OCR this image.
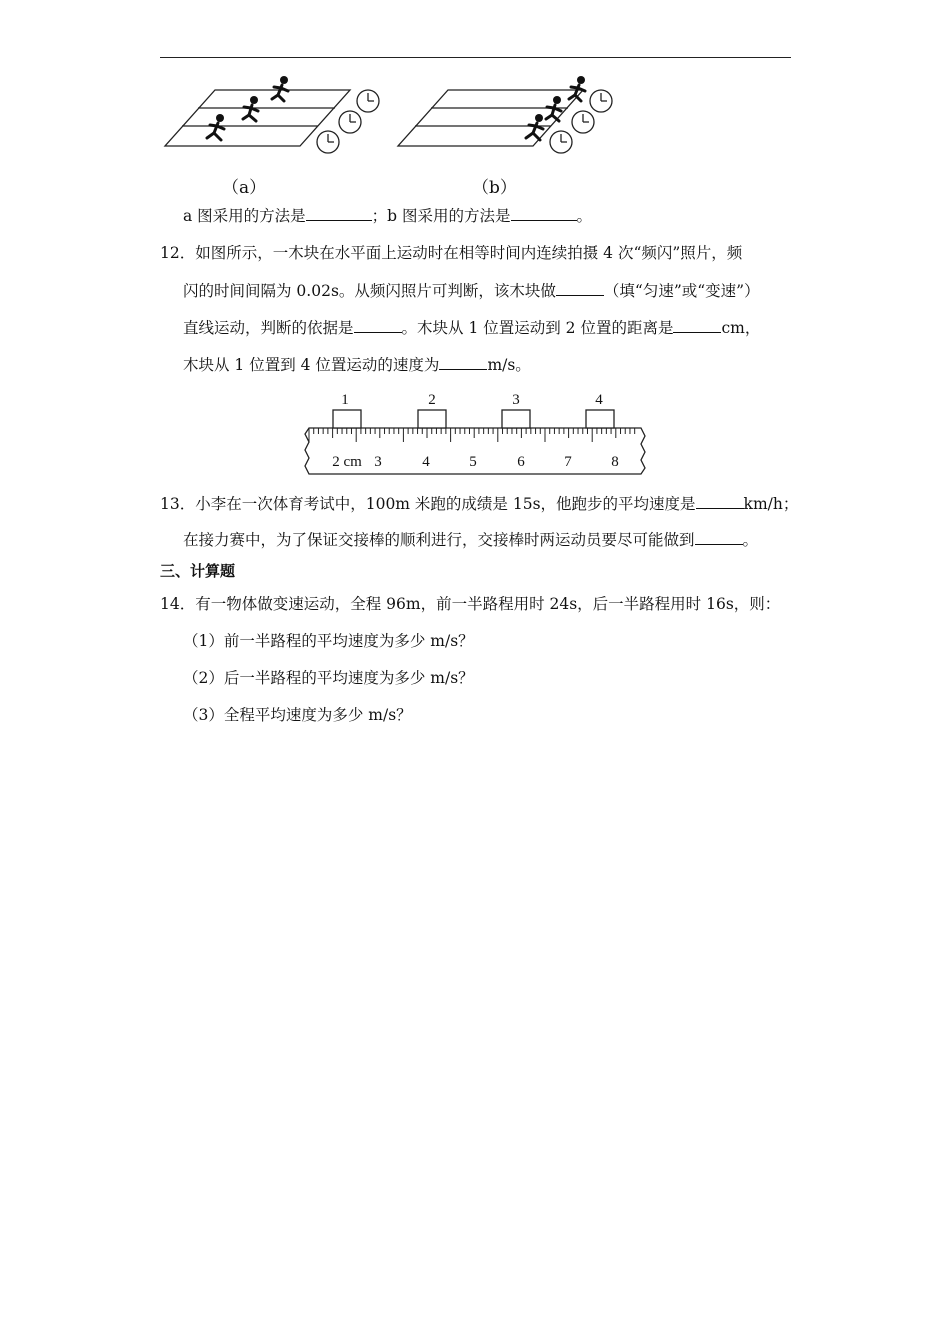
（a）	（b）
a 图采用的方法是	；b 图采用的方法是	。
12．如图所示，一木块在水平面上运动时在相等时间内连续拍摄 4 次“频闪”照片，频
闪的时间间隔为 0.02s。从频闪照片可判断，该木块做	（填“匀速”或“变速”）
直线运动，判断的依据是	。木块从 1 位置运动到 2 位置的距离是	cm，
木块从 1 位置到 4 位置运动的速度为	m/s。
1	2	3	4
2 cm 3	4	5	6	7	8
13．小李在一次体育考试中，100m 米跑的成绩是 15s，他跑步的平均速度是	km/h；
在接力赛中，为了保证交接棒的顺利进行，交接棒时两运动员要尽可能做到	。
三、计算题
14．有一物体做变速运动，全程 96m，前一半路程用时 24s，后一半路程用时 16s，则：
（1）前一半路程的平均速度为多少 m/s？
（2）后一半路程的平均速度为多少 m/s？
（3）全程平均速度为多少 m/s？
